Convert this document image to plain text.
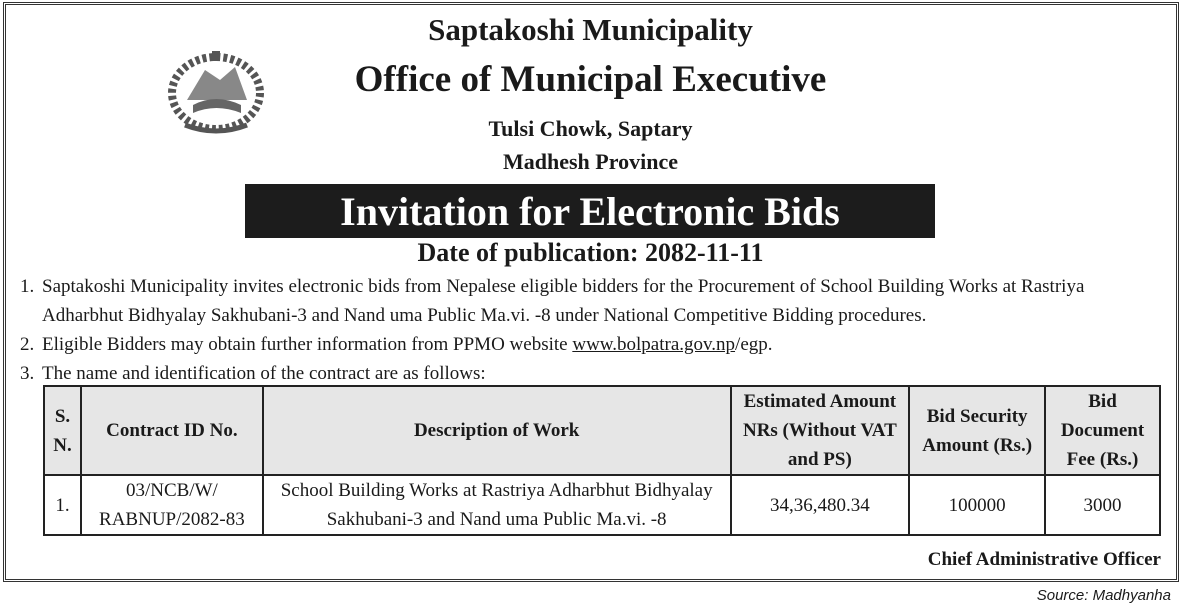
Saptakoshi Municipality
Office of Municipal Executive
Tulsi Chowk, Saptary
Madhesh Province
Invitation for Electronic Bids
Date of publication: 2082-11-11
1. Saptakoshi Municipality invites electronic bids from Nepalese eligible bidders for the Procurement of School Building Works at Rastriya Adharbhut Bidhyalay Sakhubani-3 and Nand uma Public Ma.vi. -8 under National Competitive Bidding procedures.
2. Eligible Bidders may obtain further information from PPMO website www.bolpatra.gov.np/egp.
3. The name and identification of the contract are as follows:
S. N.	Contract ID No.	Description of Work	Estimated Amount NRs (Without VAT and PS)	Bid Security Amount (Rs.)	Bid Document Fee (Rs.)
1.	03/NCB/W/ RABNUP/2082-83	School Building Works at Rastriya Adharbhut Bidhyalay Sakhubani-3 and Nand uma Public Ma.vi. -8	34,36,480.34	100000	3000
Chief Administrative Officer
Source: Madhyanha
